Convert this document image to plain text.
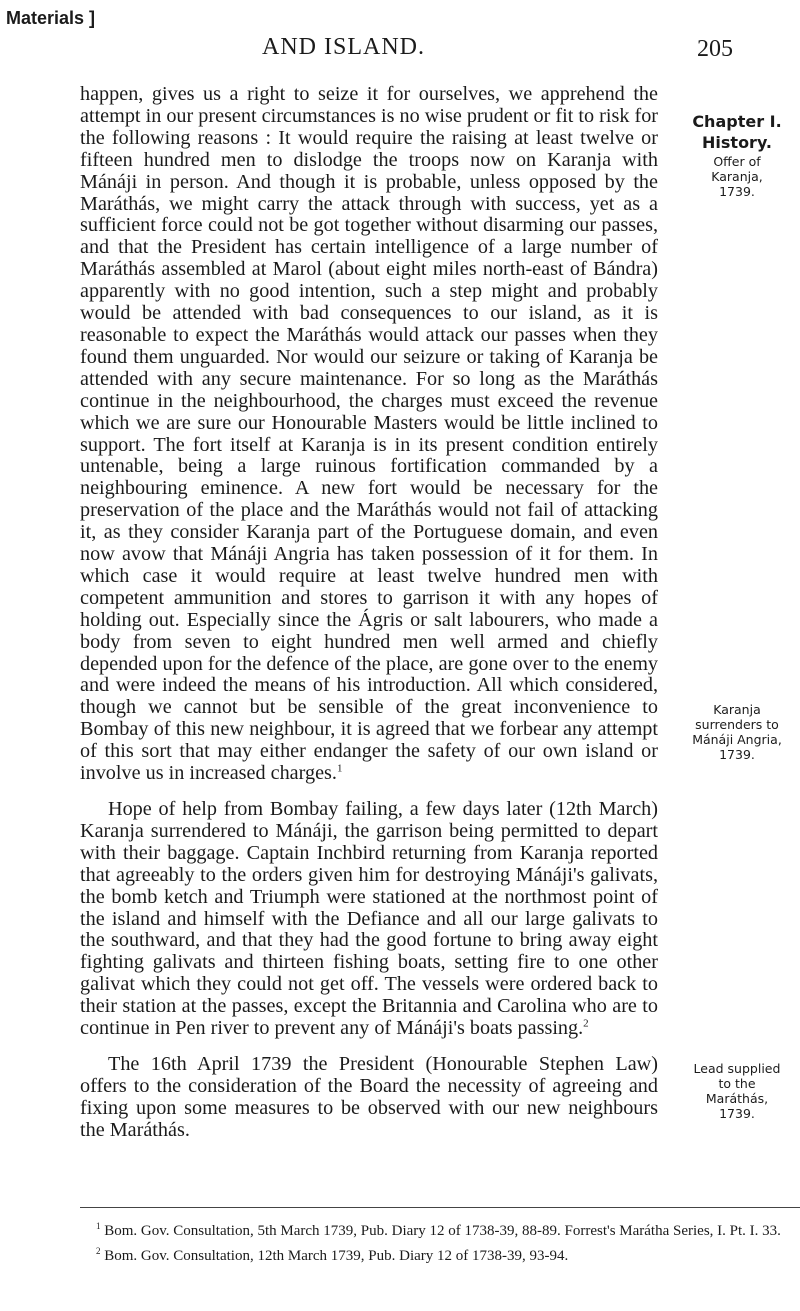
Materials ]
AND ISLAND.	205

happen, gives us a right to seize it for ourselves, we apprehend the attempt in our present circumstances is no wise prudent or fit to risk for the following reasons : It would require the raising at least twelve or fifteen hundred men to dislodge the troops now on Karanja with Mánáji in person. And though it is probable, unless opposed by the Maráthás, we might carry the attack through with success, yet as a sufficient force could not be got together without disarming our passes, and that the President has certain intelligence of a large number of Maráthás assembled at Marol (about eight miles north-east of Bándra) apparently with no good intention, such a step might and probably would be attended with bad consequences to our island, as it is reasonable to expect the Maráthás would attack our passes when they found them unguarded. Nor would our seizure or taking of Karanja be attended with any secure maintenance. For so long as the Maráthás continue in the neighbourhood, the charges must exceed the revenue which we are sure our Honourable Masters would be little inclined to support. The fort itself at Karanja is in its present condition entirely untenable, being a large ruinous fortification commanded by a neighbouring eminence. A new fort would be necessary for the preservation of the place and the Maráthás would not fail of attacking it, as they consider Karanja part of the Portuguese domain, and even now avow that Mánáji Angria has taken possession of it for them. In which case it would require at least twelve hundred men with competent ammunition and stores to garrison it with any hopes of holding out. Especially since the Ágris or salt labourers, who made a body from seven to eight hundred men well armed and chiefly depended upon for the defence of the place, are gone over to the enemy and were indeed the means of his introduction. All which considered, though we cannot but be sensible of the great inconvenience to Bombay of this new neighbour, it is agreed that we forbear any attempt of this sort that may either endanger the safety of our own island or involve us in increased charges.$^1$

Hope of help from Bombay failing, a few days later (12th March) Karanja surrendered to Mánáji, the garrison being permitted to depart with their baggage. Captain Inchbird returning from Karanja reported that agreeably to the orders given him for destroying Mánáji's galivats, the bomb ketch and Triumph were stationed at the northmost point of the island and himself with the Defiance and all our large galivats to the southward, and that they had the good fortune to bring away eight fighting galivats and thirteen fishing boats, setting fire to one other galivat which they could not get off. The vessels were ordered back to their station at the passes, except the Britannia and Carolina who are to continue in Pen river to prevent any of Mánáji's boats passing.$^2$

The 16th April 1739 the President (Honourable Stephen Law) offers to the consideration of the Board the necessity of agreeing and fixing upon some measures to be observed with our new neighbours the Maráthás.

Chapter I.
History.
Offer of
Karanja,
1739.
Karanja
surrenders to
Mánáji Angria,
1739.
Lead supplied
to the
Maráthás,
1739.

$^1$ Bom. Gov. Consultation, 5th March 1739, Pub. Diary 12 of 1738-39, 88-89. Forrest's Marátha Series, I. Pt. I. 33.

$^2$ Bom. Gov. Consultation, 12th March 1739, Pub. Diary 12 of 1738-39, 93-94.
